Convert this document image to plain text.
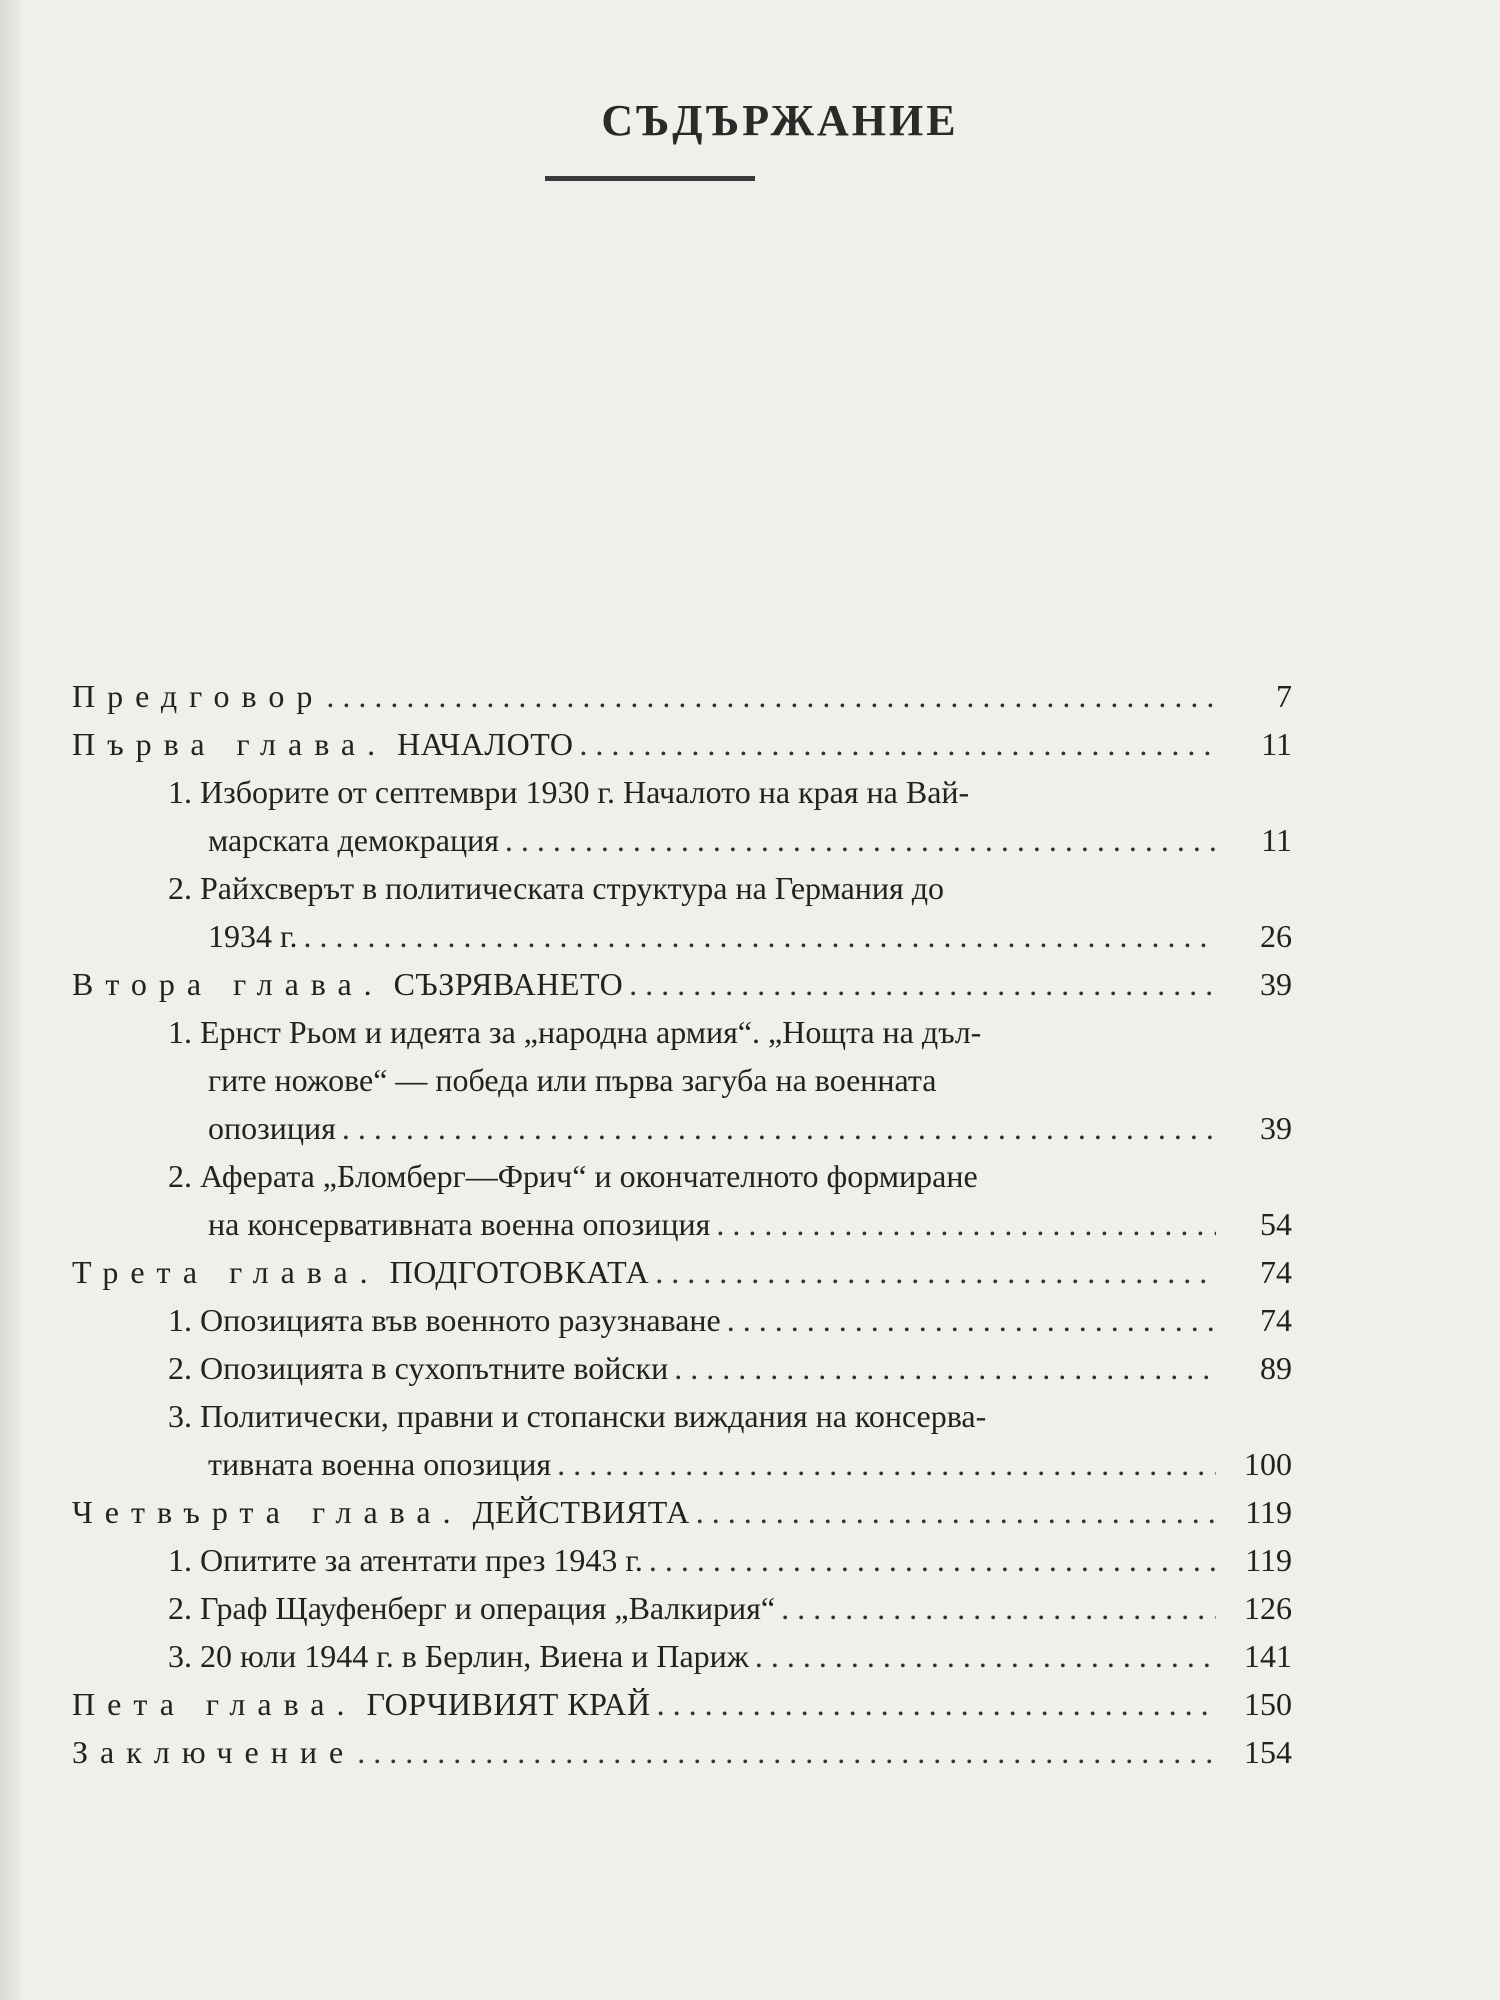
СЪДЪРЖАНИЕ
Предговор . . .	7
Първа глава. НАЧАЛОТО . . .	11
1. Изборите от септември 1930 г. Началото на края на Вай-
марската демокрация . . .	11
2. Райхсверът в политическата структура на Германия до
1934 г. . . .	26
Втора глава. СЪЗРЯВАНЕТО . . .	39
1. Ернст Рьом и идеята за „народна армия“. „Нощта на дъл-
гите ножове“ — победа или първа загуба на военната
опозиция . . .	39
2. Аферата „Бломберг—Фрич“ и окончателното формиране
на консервативната военна опозиция . . .	54
Трета глава. ПОДГОТОВКАТА . . .	74
1. Опозицията във военното разузнаване . . .	74
2. Опозицията в сухопътните войски . . .	89
3. Политически, правни и стопански виждания на консерва-
тивната военна опозиция . . .	100
Четвърта глава. ДЕЙСТВИЯТА . . .	119
1. Опитите за атентати през 1943 г. . . .	119
2. Граф Щауфенберг и операция „Валкирия“ . . .	126
3. 20 юли 1944 г. в Берлин, Виена и Париж . . .	141
Пета глава. ГОРЧИВИЯТ КРАЙ . . .	150
Заключение . . .	154
